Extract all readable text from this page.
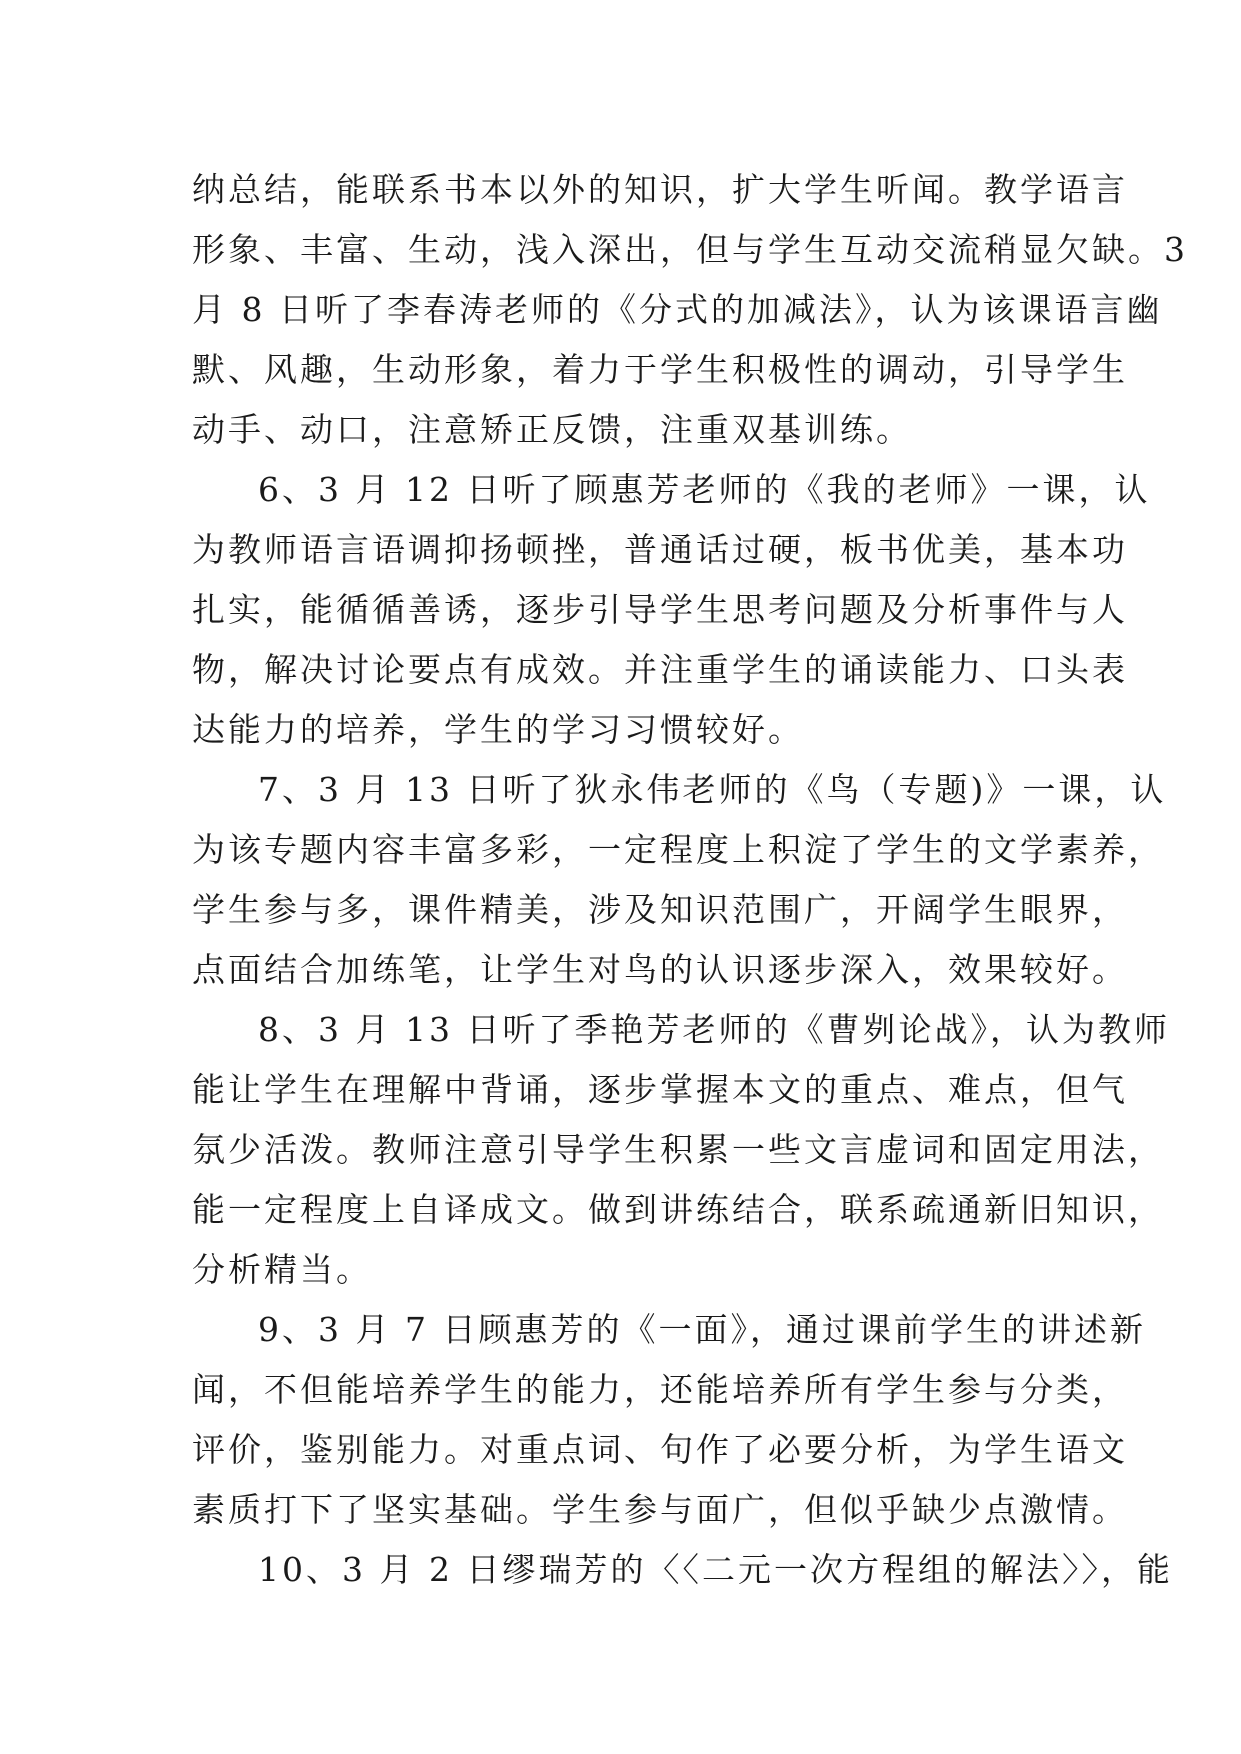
纳总结，能联系书本以外的知识，扩大学生听闻。教学语言
形象、丰富、生动，浅入深出，但与学生互动交流稍显欠缺。3
月 8 日听了李春涛老师的《分式的加减法》，认为该课语言幽
默、风趣，生动形象，着力于学生积极性的调动，引导学生
动手、动口，注意矫正反馈，注重双基训练。
6、3 月 12 日听了顾惠芳老师的《我的老师》一课，认
为教师语言语调抑扬顿挫，普通话过硬，板书优美，基本功
扎实，能循循善诱，逐步引导学生思考问题及分析事件与人
物，解决讨论要点有成效。并注重学生的诵读能力、口头表
达能力的培养，学生的学习习惯较好。
7、3 月 13 日听了狄永伟老师的《鸟（专题)》一课，认
为该专题内容丰富多彩，一定程度上积淀了学生的文学素养，
学生参与多，课件精美，涉及知识范围广，开阔学生眼界，
点面结合加练笔，让学生对鸟的认识逐步深入，效果较好。
8、3 月 13 日听了季艳芳老师的《曹刿论战》，认为教师
能让学生在理解中背诵，逐步掌握本文的重点、难点，但气
氛少活泼。教师注意引导学生积累一些文言虚词和固定用法，
能一定程度上自译成文。做到讲练结合，联系疏通新旧知识，
分析精当。
9、3 月 7 日顾惠芳的《一面》，通过课前学生的讲述新
闻，不但能培养学生的能力，还能培养所有学生参与分类，
评价，鉴别能力。对重点词、句作了必要分析，为学生语文
素质打下了坚实基础。学生参与面广，但似乎缺少点激情。
10、3 月 2 日缪瑞芳的〈〈二元一次方程组的解法〉〉，能
